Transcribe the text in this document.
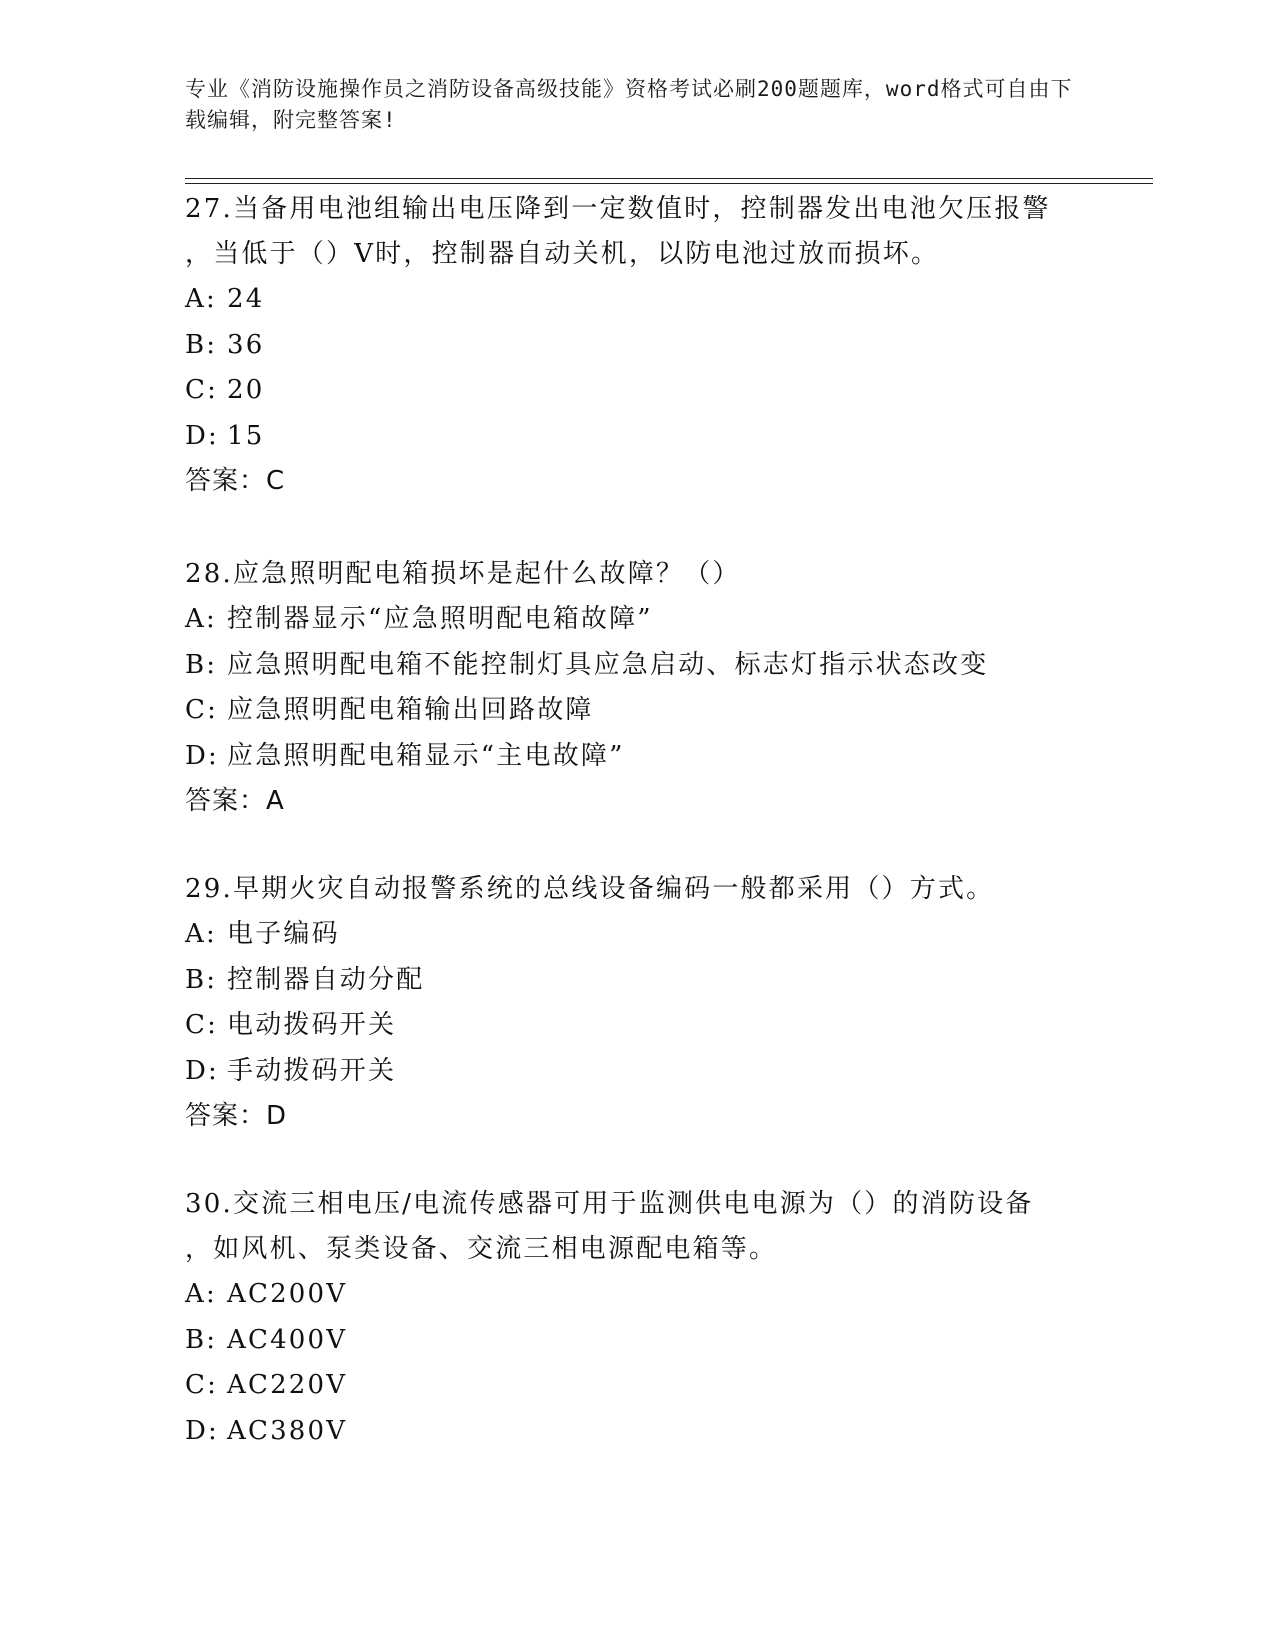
专业《消防设施操作员之消防设备高级技能》资格考试必刷200题题库，word格式可自由下载编辑，附完整答案!

27.当备用电池组输出电压降到一定数值时，控制器发出电池欠压报警

，当低于（）V时，控制器自动关机，以防电池过放而损坏。

A: 24

B: 36

C: 20

D: 15

答案：C

28.应急照明配电箱损坏是起什么故障？（）

A: 控制器显示“应急照明配电箱故障”

B: 应急照明配电箱不能控制灯具应急启动、标志灯指示状态改变

C: 应急照明配电箱输出回路故障

D: 应急照明配电箱显示“主电故障”

答案：A

29.早期火灾自动报警系统的总线设备编码一般都采用（）方式。

A: 电子编码

B: 控制器自动分配

C: 电动拨码开关

D: 手动拨码开关

答案：D

30.交流三相电压/电流传感器可用于监测供电电源为（）的消防设备

，如风机、泵类设备、交流三相电源配电箱等。

A: AC200V

B: AC400V

C: AC220V

D: AC380V
